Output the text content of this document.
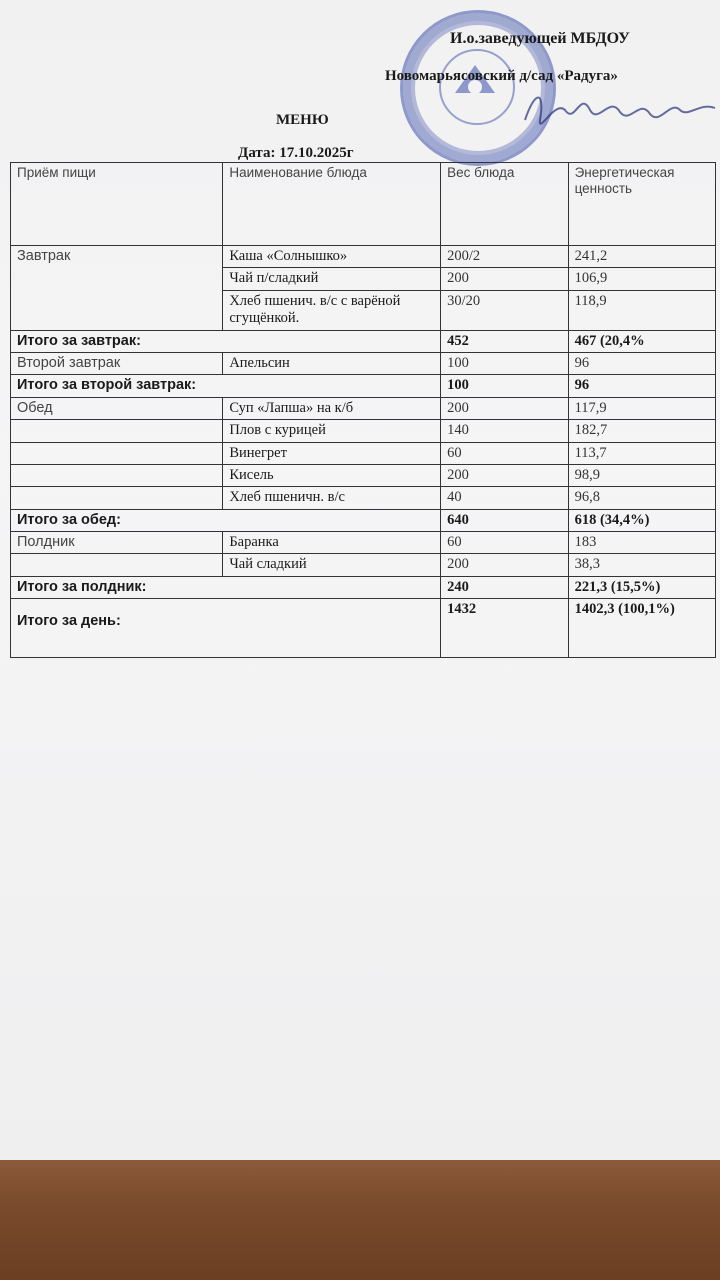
И.о.заведующей МБДОУ
Новомарьясовский д/сад «Радуга»
МЕНЮ
Дата: 17.10.2025г
Приём пищи	Наименование блюда	Вес блюда	Энергетическая ценность
Завтрак	Каша «Солнышко»	200/2	241,2
	Чай п/сладкий	200	106,9
	Хлеб пшенич. в/с с варёной сгущёнкой.	30/20	118,9
Итого за завтрак:		452	467 (20,4%
Второй завтрак	Апельсин	100	96
Итого за второй завтрак:		100	96
Обед	Суп «Лапша» на к/б	200	117,9
	Плов с курицей	140	182,7
	Винегрет	60	113,7
	Кисель	200	98,9
	Хлеб пшеничн. в/с	40	96,8
Итого за обед:		640	618 (34,4%)
Полдник	Баранка	60	183
	Чай сладкий	200	38,3
Итого за полдник:		240	221,3 (15,5%)
Итого за день:		1432	1402,3 (100,1%)
